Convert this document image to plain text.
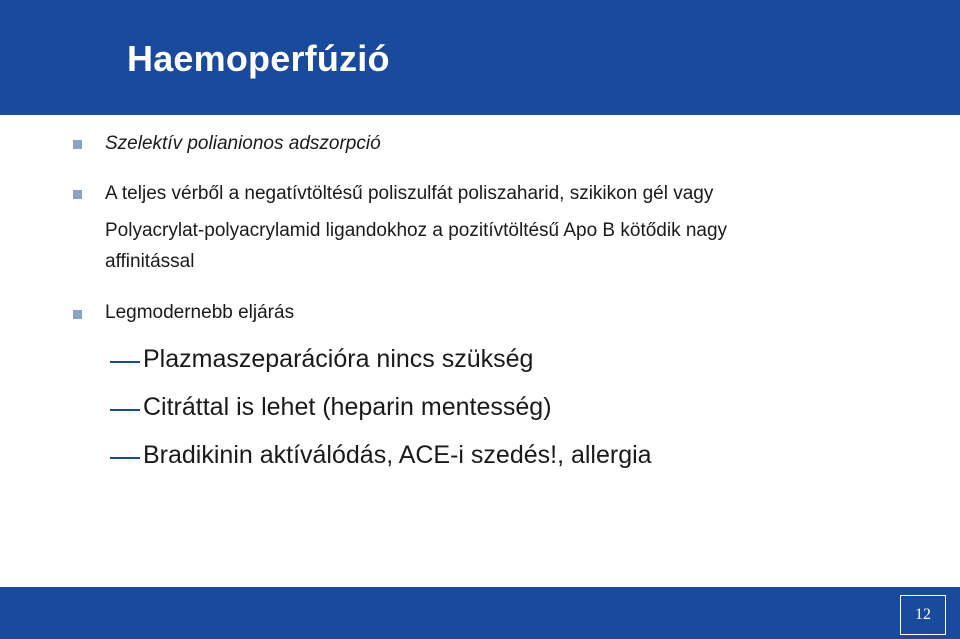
Haemoperfúzió
Szelektív polianionos adszorpció
A teljes vérből a negatívtöltésű poliszulfát poliszaharid, szikikon gél vagy
Polyacrylat-polyacrylamid ligandokhoz a pozitívtöltésű Apo B kötődik nagy
affinitással
Legmodernebb eljárás
Plazmaszeparációra nincs szükség
Citráttal is lehet (heparin mentesség)
Bradikinin aktíválódás, ACE-i szedés!, allergia
12
